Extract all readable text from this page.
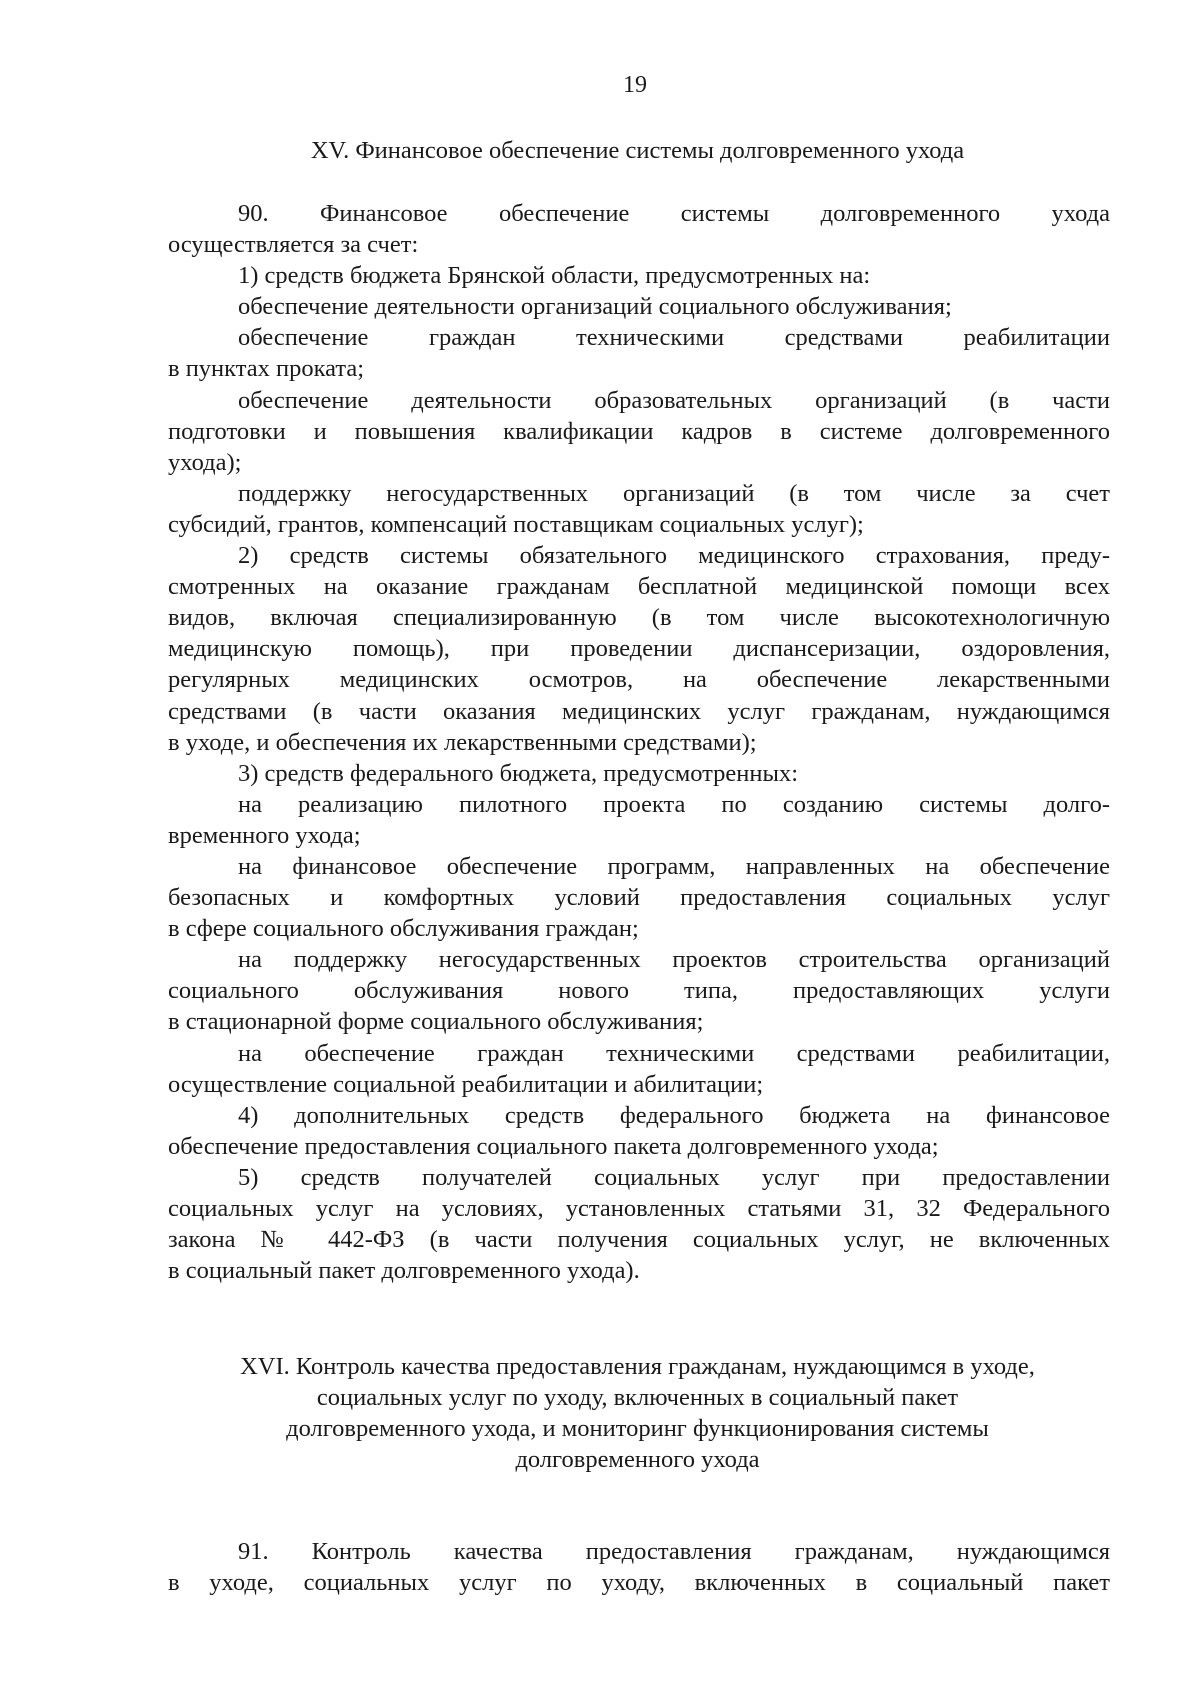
19
XV. Финансовое обеспечение системы долговременного ухода
90. Финансовое обеспечение системы долговременного ухода
осуществляется за счет:
1) средств бюджета Брянской области, предусмотренных на:
обеспечение деятельности организаций социального обслуживания;
обеспечение граждан техническими средствами реабилитации
в пунктах проката;
обеспечение деятельности образовательных организаций (в части
подготовки и повышения квалификации кадров в системе долговременного
ухода);
поддержку негосударственных организаций (в том числе за счет
субсидий, грантов, компенсаций поставщикам социальных услуг);
2) средств системы обязательного медицинского страхования, преду-
смотренных на оказание гражданам бесплатной медицинской помощи всех
видов, включая специализированную (в том числе высокотехнологичную
медицинскую помощь), при проведении диспансеризации, оздоровления,
регулярных медицинских осмотров, на обеспечение лекарственными
средствами (в части оказания медицинских услуг гражданам, нуждающимся
в уходе, и обеспечения их лекарственными средствами);
3) средств федерального бюджета, предусмотренных:
на реализацию пилотного проекта по созданию системы долго-
временного ухода;
на финансовое обеспечение программ, направленных на обеспечение
безопасных и комфортных условий предоставления социальных услуг
в сфере социального обслуживания граждан;
на поддержку негосударственных проектов строительства организаций
социального обслуживания нового типа, предоставляющих услуги
в стационарной форме социального обслуживания;
на обеспечение граждан техническими средствами реабилитации,
осуществление социальной реабилитации и абилитации;
4) дополнительных средств федерального бюджета на финансовое
обеспечение предоставления социального пакета долговременного ухода;
5) средств получателей социальных услуг при предоставлении
социальных услуг на условиях, установленных статьями 31, 32 Федерального
закона № 442-ФЗ (в части получения социальных услуг, не включенных
в социальный пакет долговременного ухода).
XVI. Контроль качества предоставления гражданам, нуждающимся в уходе,
социальных услуг по уходу, включенных в социальный пакет
долговременного ухода, и мониторинг функционирования системы
долговременного ухода
91. Контроль качества предоставления гражданам, нуждающимся
в уходе, социальных услуг по уходу, включенных в социальный пакет
